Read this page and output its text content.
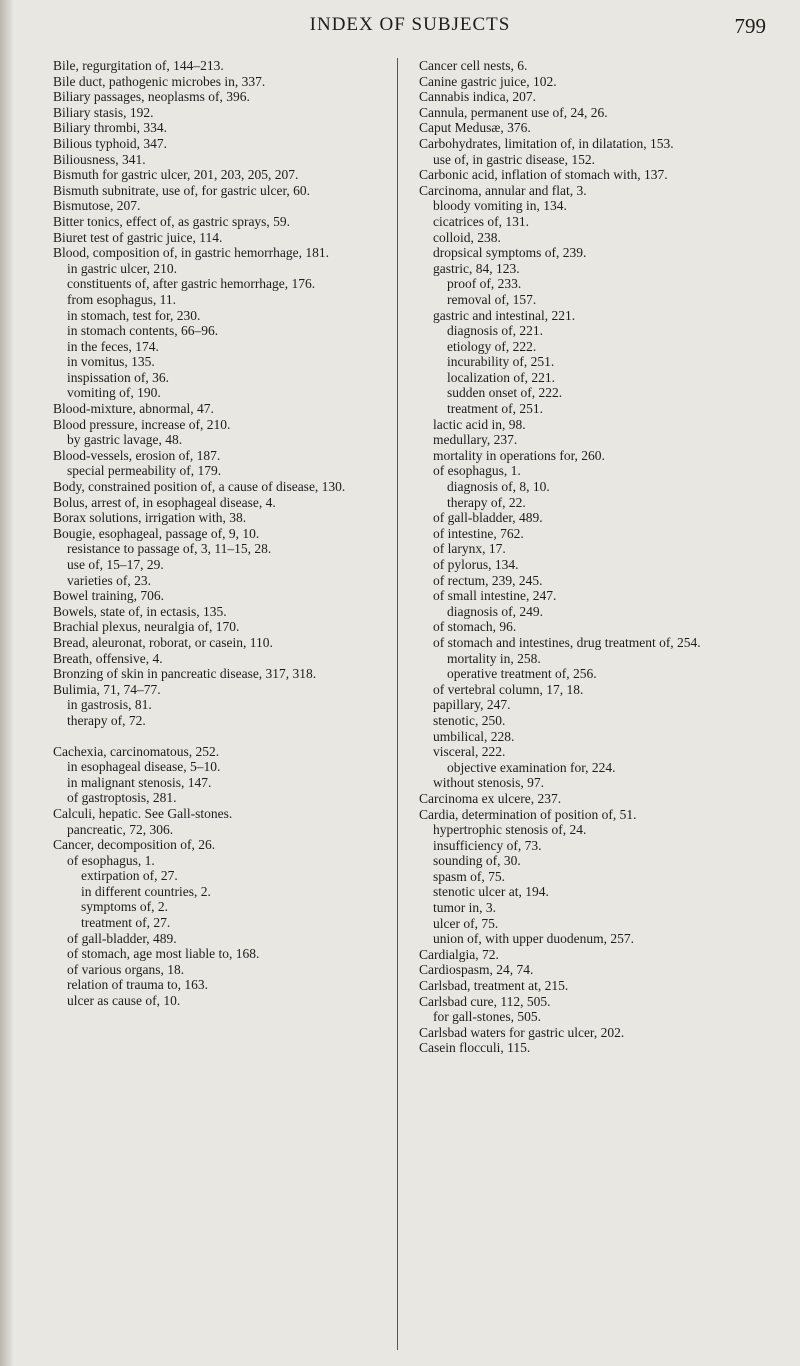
INDEX OF SUBJECTS	799
Bile, regurgitation of, 144–213.
Bile duct, pathogenic microbes in, 337.
Biliary passages, neoplasms of, 396.
Biliary stasis, 192.
Biliary thrombi, 334.
Bilious typhoid, 347.
Biliousness, 341.
Bismuth for gastric ulcer, 201, 203, 205, 207.
Bismuth subnitrate, use of, for gastric ulcer, 60.
Bismutose, 207.
Bitter tonics, effect of, as gastric sprays, 59.
Biuret test of gastric juice, 114.
Blood, composition of, in gastric hemorrhage, 181.
in gastric ulcer, 210.
constituents of, after gastric hemorrhage, 176.
from esophagus, 11.
in stomach, test for, 230.
in stomach contents, 66–96.
in the feces, 174.
in vomitus, 135.
inspissation of, 36.
vomiting of, 190.
Blood-mixture, abnormal, 47.
Blood pressure, increase of, 210.
by gastric lavage, 48.
Blood-vessels, erosion of, 187.
special permeability of, 179.
Body, constrained position of, a cause of disease, 130.
Bolus, arrest of, in esophageal disease, 4.
Borax solutions, irrigation with, 38.
Bougie, esophageal, passage of, 9, 10.
resistance to passage of, 3, 11–15, 28.
use of, 15–17, 29.
varieties of, 23.
Bowel training, 706.
Bowels, state of, in ectasis, 135.
Brachial plexus, neuralgia of, 170.
Bread, aleuronat, roborat, or casein, 110.
Breath, offensive, 4.
Bronzing of skin in pancreatic disease, 317, 318.
Bulimia, 71, 74–77.
in gastrosis, 81.
therapy of, 72.
Cachexia, carcinomatous, 252.
in esophageal disease, 5–10.
in malignant stenosis, 147.
of gastroptosis, 281.
Calculi, hepatic. See Gall-stones.
pancreatic, 72, 306.
Cancer, decomposition of, 26.
of esophagus, 1.
extirpation of, 27.
in different countries, 2.
symptoms of, 2.
treatment of, 27.
of gall-bladder, 489.
of stomach, age most liable to, 168.
of various organs, 18.
relation of trauma to, 163.
ulcer as cause of, 10.
Cancer cell nests, 6.
Canine gastric juice, 102.
Cannabis indica, 207.
Cannula, permanent use of, 24, 26.
Caput Medusæ, 376.
Carbohydrates, limitation of, in dilatation, 153.
use of, in gastric disease, 152.
Carbonic acid, inflation of stomach with, 137.
Carcinoma, annular and flat, 3.
bloody vomiting in, 134.
cicatrices of, 131.
colloid, 238.
dropsical symptoms of, 239.
gastric, 84, 123.
proof of, 233.
removal of, 157.
gastric and intestinal, 221.
diagnosis of, 221.
etiology of, 222.
incurability of, 251.
localization of, 221.
sudden onset of, 222.
treatment of, 251.
lactic acid in, 98.
medullary, 237.
mortality in operations for, 260.
of esophagus, 1.
diagnosis of, 8, 10.
therapy of, 22.
of gall-bladder, 489.
of intestine, 762.
of larynx, 17.
of pylorus, 134.
of rectum, 239, 245.
of small intestine, 247.
diagnosis of, 249.
of stomach, 96.
of stomach and intestines, drug treatment of, 254.
mortality in, 258.
operative treatment of, 256.
of vertebral column, 17, 18.
papillary, 247.
stenotic, 250.
umbilical, 228.
visceral, 222.
objective examination for, 224.
without stenosis, 97.
Carcinoma ex ulcere, 237.
Cardia, determination of position of, 51.
hypertrophic stenosis of, 24.
insufficiency of, 73.
sounding of, 30.
spasm of, 75.
stenotic ulcer at, 194.
tumor in, 3.
ulcer of, 75.
union of, with upper duodenum, 257.
Cardialgia, 72.
Cardiospasm, 24, 74.
Carlsbad, treatment at, 215.
Carlsbad cure, 112, 505.
for gall-stones, 505.
Carlsbad waters for gastric ulcer, 202.
Casein flocculi, 115.
